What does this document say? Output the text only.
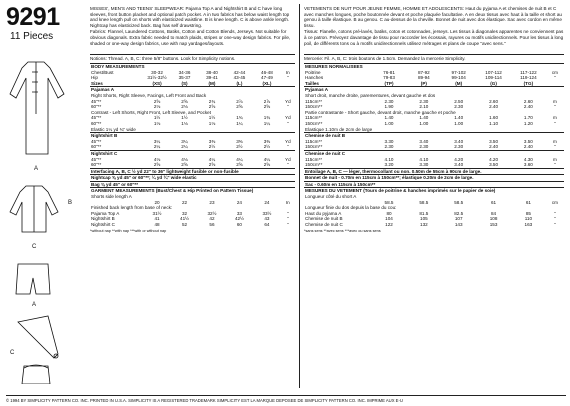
9291
11 Pieces
A
B
C
A
C

MISSES', MEN'S AND TEENS' SLEEPWEAR: Pajama Top A and Nightshirt B and C have long sleeves, front button placket and optional patch pocket. A in two fabrics has below waist length top and knee length pull on shorts with elasticized waistline. B is knee length. C is above ankle length. Nightcap has elasticized back. Bag has self drawstring.

Fabrics: Flannel, Laundered Cottons, Batiks, Cotton and Cotton Blends, Jerseys. Not suitable for obvious diagonals. Extra fabric needed to match plaids, stripes or one-way design fabrics. For pile, shaded or one-way design fabrics, use with nap yardages/layouts.

Notions: Thread. A, B, C: three 5/8" buttons. Look for Simplicity notions.
BODY MEASUREMENTS						
Chest/Bust	30-32	34-36	38-40	42-44	46-48	In
Hip	31½-32½	35-37	39-41	43-45	47-49	"
Sizes	(XS)	(S)	(M)	(L)	(XL)	
Pajamas A						
Right Shorts, Right Sleeve, Facings, Left Front and Back						
45"**	2⅝	2⅝	2¾	2⅞	2⅞	Yd
60"**	2⅛	2⅛	2⅝	2⅝	2⅝	"
Contrast - Left Shorts, Right Front, Left Sleeve, and Pocket						
45"**	1½	1½	1½	1¾	1¾	Yd
60"**	1⅛	1⅛	1⅛	1¼	1¼	"
Elastic 1¼ yd ¾" wide						
Nightshirt B						
45"**	3¼	3¼	3⅜	3⅜	3⅜	Yd
60"**	2¼	2¼	2½	2½	2½	"
Nightshirt C						
45"**	4⅛	4⅛	4¼	4¼	4¼	Yd
60"**	2⅝	2⅝	2⅝	2⅝	2⅝	"
Interfacing A, B, C ½ yd 22" to 36" lightweight fusible or non-fusible						
Nightcap ⅝ yd 45" or 60"**; ¼ yd ¾" wide elastic						
Bag ⅜ yd 45" or 60"**						
GARMENT MEASUREMENTS (Bust/Chest & Hip Printed on Pattern Tissue)						
Shorts side length A						
	20	22	23	24	24	In
Finished back length from base of neck:						
Pajama Top A	31½	32	32½	33	33½	"
Nightshirt B	41	41½	42	42½	43	"
Nightshirt C	48	52	56	60	64	"
*without nap **with nap ***with or without nap

VETEMENTS DE NUIT POUR JEUNE FEMME, HOMME ET ADOLESCENTS: Haut du pyjama A et chemises de nuit B et C avec manches longues, poche boutonnée devant et poche plaquée facultative. A en deux tissus avec haut à la taille et short au genou à taille élastique. B au genou. C au-dessus de la cheville. Bonnet de nuit avec dos élastique. Sac avec cordon en même tissu.

Tissus: Flanelle, cotons pré-lavés, batiks, coton et cotonnades, jerseys. Les tissus à diagonales apparentes ne conviennent pas à ce patron. Prévoyez davantage de tissu pour raccorder les écossais, rayures ou motifs unidirectionnels. Pour les tissus à long poil, de différents tons ou à motifs unidirectionnels utilisez métrages et plans de coupe "avec sens."

Mercerie: Fil. A, B, C: trois boutons de 1.5cm. Demandez la mercerie Simplicity.
MESURES NORMALISEES						
Poitrine	76-81	87-92	97-102	107-112	117-122	cm
Hanches	79-83	89-94	99-104	109-114	119-124	"
Tailles	(TP)	(P)	(M)	(G)	(TG)	
Pyjamas A						
Short droit, manche droite, parementures, devant gauche et dos						
115cm**	2.30	2.30	2.50	2.60	2.60	m
150cm**	1.90	2.10	2.30	2.40	2.40	"
Partie contrastante - Short gauche, devant droit, manche gauche et poche						
115cm**	1.40	1.40	1.40	1.60	1.70	m
150cm**	1.00	1.00	1.00	1.10	1.20	"
Elastique 1.10m de 2cm de large						
Chemise de nuit B						
115cm**	3.30	3.40	3.40	3.50	3.50	m
150cm**	2.30	2.30	2.30	2.40	2.40	"
Chemise de nuit C						
115cm**	4.10	4.10	4.20	4.20	4.30	m
150cm**	3.20	3.30	3.40	3.50	3.60	"
Entoilage A, B, C — léger, thermocollant ou non. 0.50m de 55cm à 90cm de large.						
Bonnet de nuit - 0.70m en 115cm à 150cm**; élastique 0.20m de 2cm de large.						
Sac - 0.60m en 115cm à 150cm**						
MESURES DU VETEMENT (Tours de poitrine & hanches imprimés sur le papier de soie)						
Longueur côté du short A						
	58.5	58.5	58.5	61	61	cm
Longueur finie du dos depuis la base du cou:						
Haut du pyjama A	80	81.5	82.5	84	85	"
Chemise de nuit B	104	105	107	108	110	"
Chemise de nuit C	122	132	143	153	163	"
*sans sens **avec sens ***avec ou sans sens
© 1994 BY SIMPLICITY PATTERN CO. INC. PRINTED IN U.S.A. SIMPLICITY IS A REGISTERED TRADEMARK SIMPLICITY EST LA MARQUE DEPOSEE DE SIMPLICITY PATTERN CO. INC. IMPRIME AUX E-U
